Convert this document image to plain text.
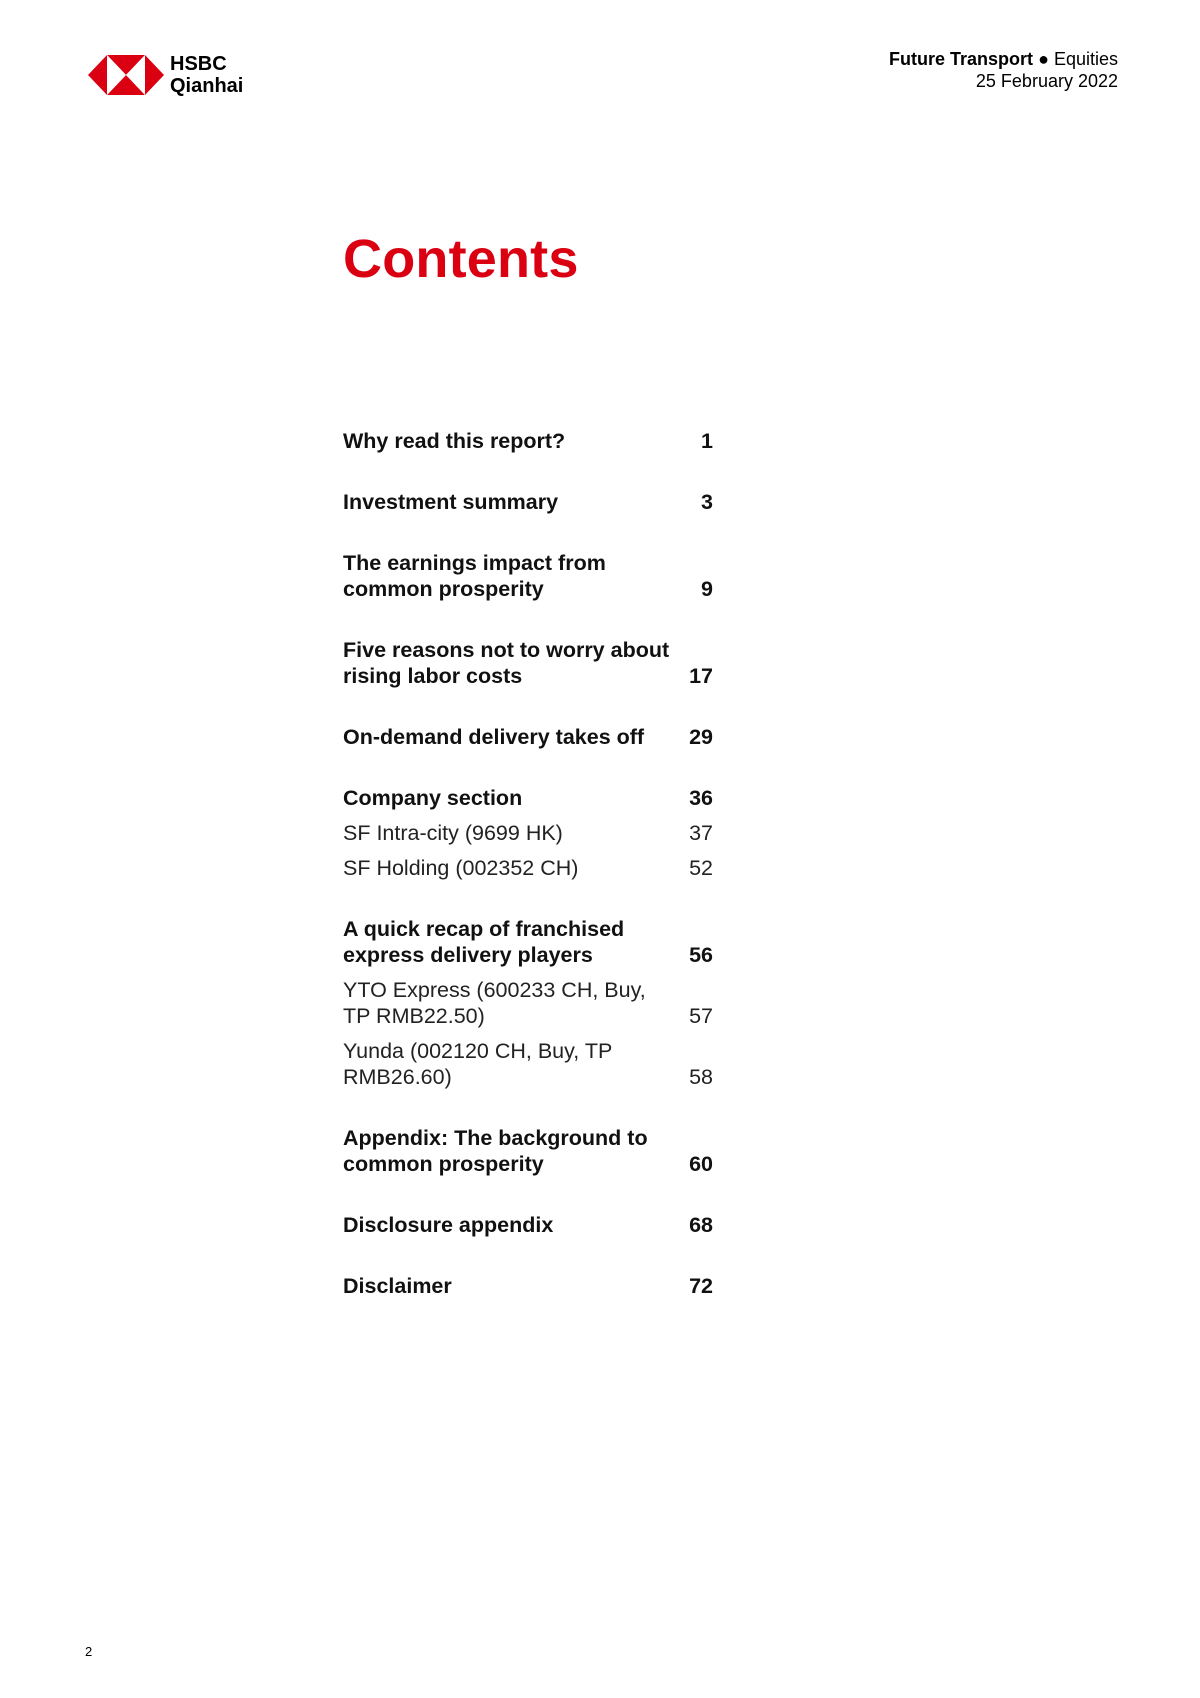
HSBC
Qianhai
Future Transport ● Equities
25 February 2022
Contents
Why read this report?	1
Investment summary	3
The earnings impact from common prosperity	9
Five reasons not to worry about rising labor costs	17
On-demand delivery takes off	29
Company section	36
SF Intra-city (9699 HK)	37
SF Holding (002352 CH)	52
A quick recap of franchised express delivery players	56
YTO Express (600233 CH, Buy, TP RMB22.50)	57
Yunda (002120 CH, Buy, TP RMB26.60)	58
Appendix: The background to common prosperity	60
Disclosure appendix	68
Disclaimer	72
2
